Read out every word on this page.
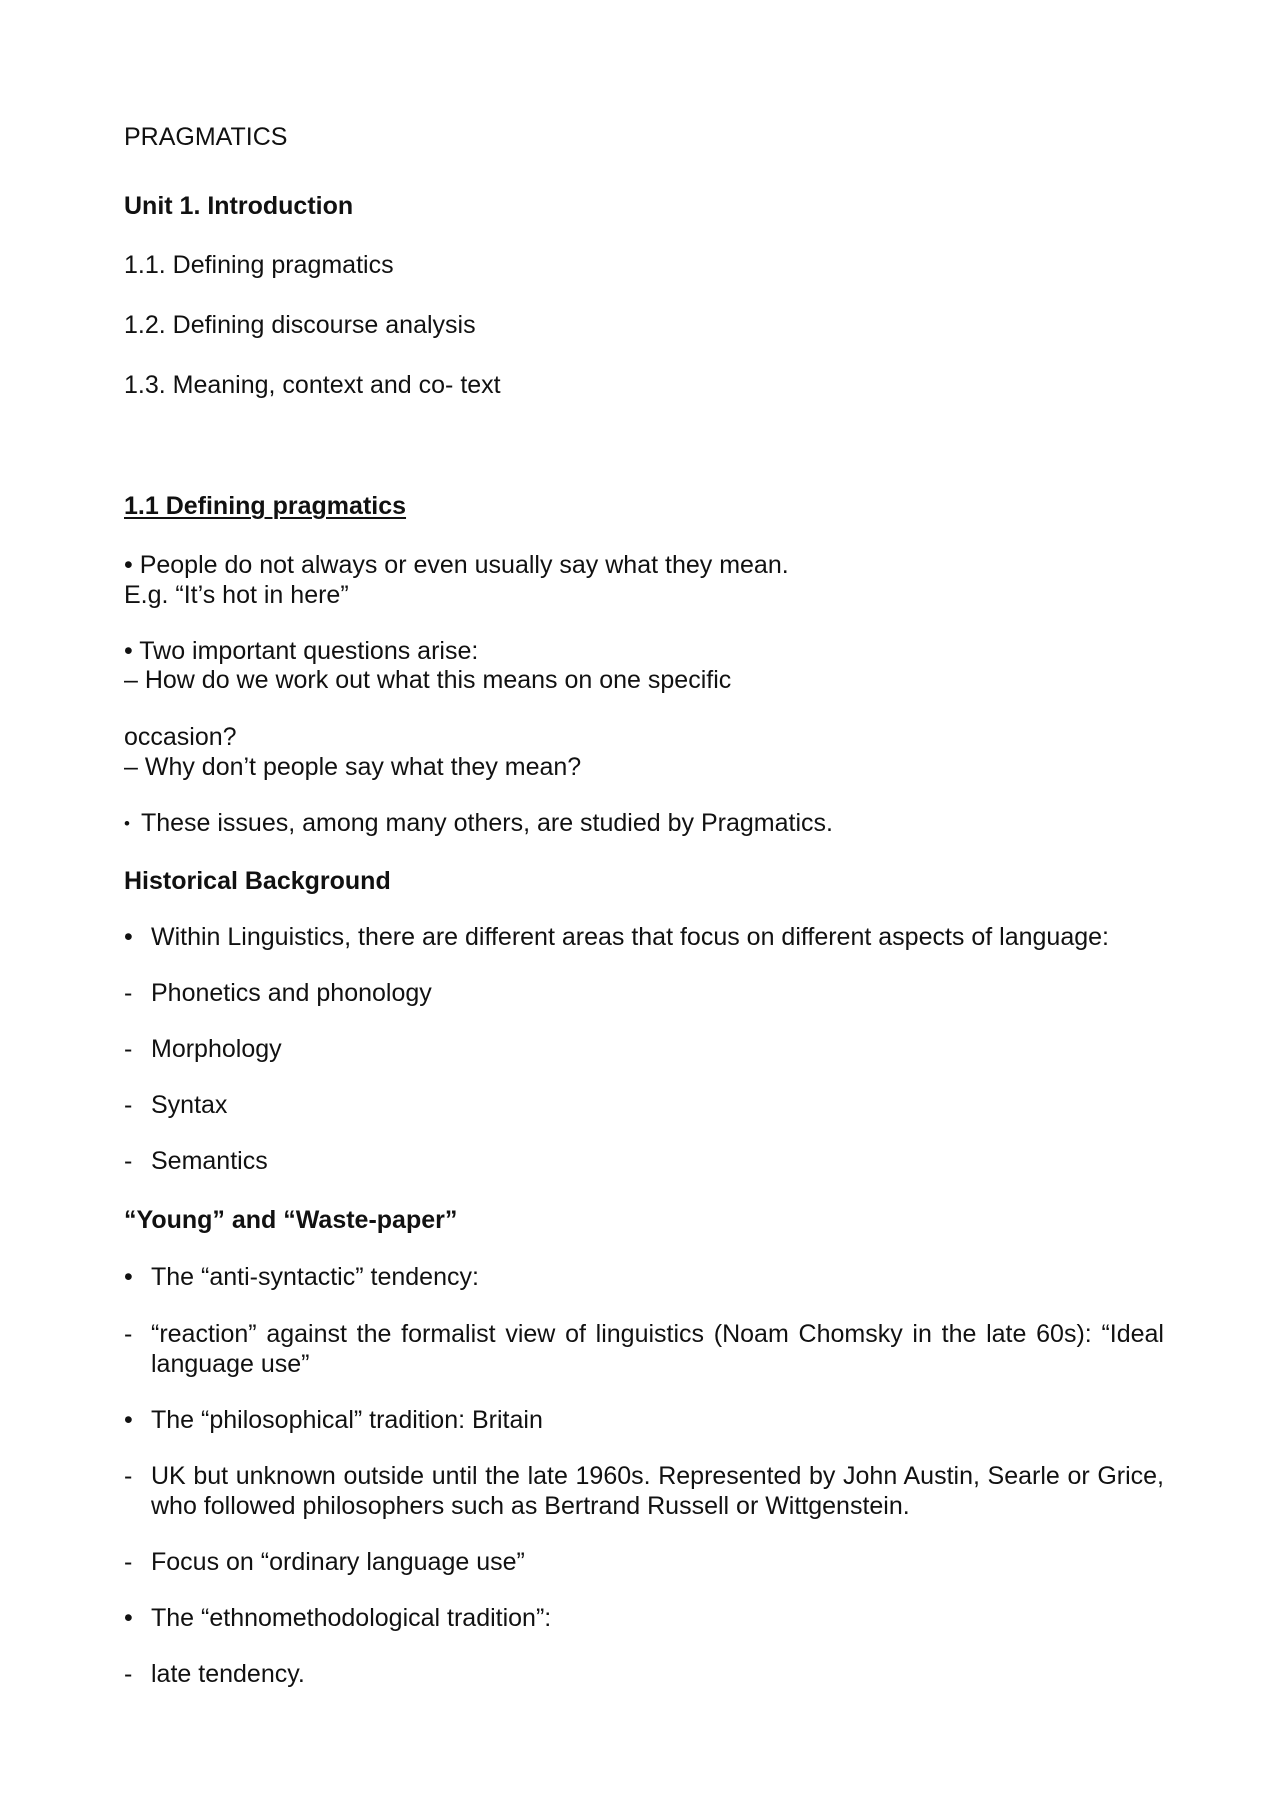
PRAGMATICS
Unit 1. Introduction
1.1. Defining pragmatics
1.2. Defining discourse analysis
1.3. Meaning, context and co- text
1.1 Defining pragmatics
• People do not always or even usually say what they mean.
E.g. “It’s hot in here”
• Two important questions arise:
– How do we work out what this means on one specific
occasion?
– Why don’t people say what they mean?
• These issues, among many others, are studied by Pragmatics.
Historical Background
• Within Linguistics, there are different areas that focus on different aspects of language:
- Phonetics and phonology
- Morphology
- Syntax
- Semantics
“Young” and “Waste-paper”
• The “anti-syntactic” tendency:
- “reaction” against the formalist view of linguistics (Noam Chomsky in the late 60s): “Ideal language use”
• The “philosophical” tradition: Britain
- UK but unknown outside until the late 1960s. Represented by John Austin, Searle or Grice, who followed philosophers such as Bertrand Russell or Wittgenstein.
- Focus on “ordinary language use”
• The “ethnomethodological tradition”:
- late tendency.
